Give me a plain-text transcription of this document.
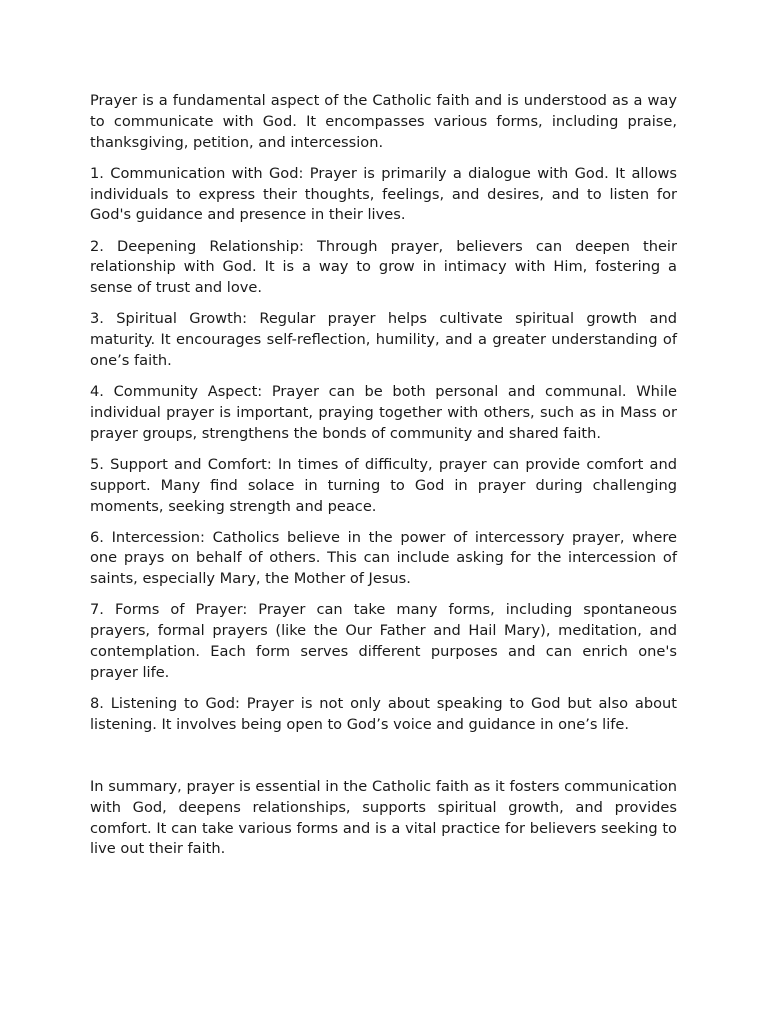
Prayer is a fundamental aspect of the Catholic faith and is understood as a way to communicate with God. It encompasses various forms, including praise, thanksgiving, petition, and intercession.

1. Communication with God: Prayer is primarily a dialogue with God. It allows individuals to express their thoughts, feelings, and desires, and to listen for God's guidance and presence in their lives.

2. Deepening Relationship: Through prayer, believers can deepen their relationship with God. It is a way to grow in intimacy with Him, fostering a sense of trust and love.

3. Spiritual Growth: Regular prayer helps cultivate spiritual growth and maturity. It encourages self-reflection, humility, and a greater understanding of one’s faith.

4. Community Aspect: Prayer can be both personal and communal. While individual prayer is important, praying together with others, such as in Mass or prayer groups, strengthens the bonds of community and shared faith.

5. Support and Comfort: In times of difficulty, prayer can provide comfort and support. Many find solace in turning to God in prayer during challenging moments, seeking strength and peace.

6. Intercession: Catholics believe in the power of intercessory prayer, where one prays on behalf of others. This can include asking for the intercession of saints, especially Mary, the Mother of Jesus.

7. Forms of Prayer: Prayer can take many forms, including spontaneous prayers, formal prayers (like the Our Father and Hail Mary), meditation, and contemplation. Each form serves different purposes and can enrich one's prayer life.

8. Listening to God: Prayer is not only about speaking to God but also about listening. It involves being open to God’s voice and guidance in one’s life.

In summary, prayer is essential in the Catholic faith as it fosters communication with God, deepens relationships, supports spiritual growth, and provides comfort. It can take various forms and is a vital practice for believers seeking to live out their faith.
